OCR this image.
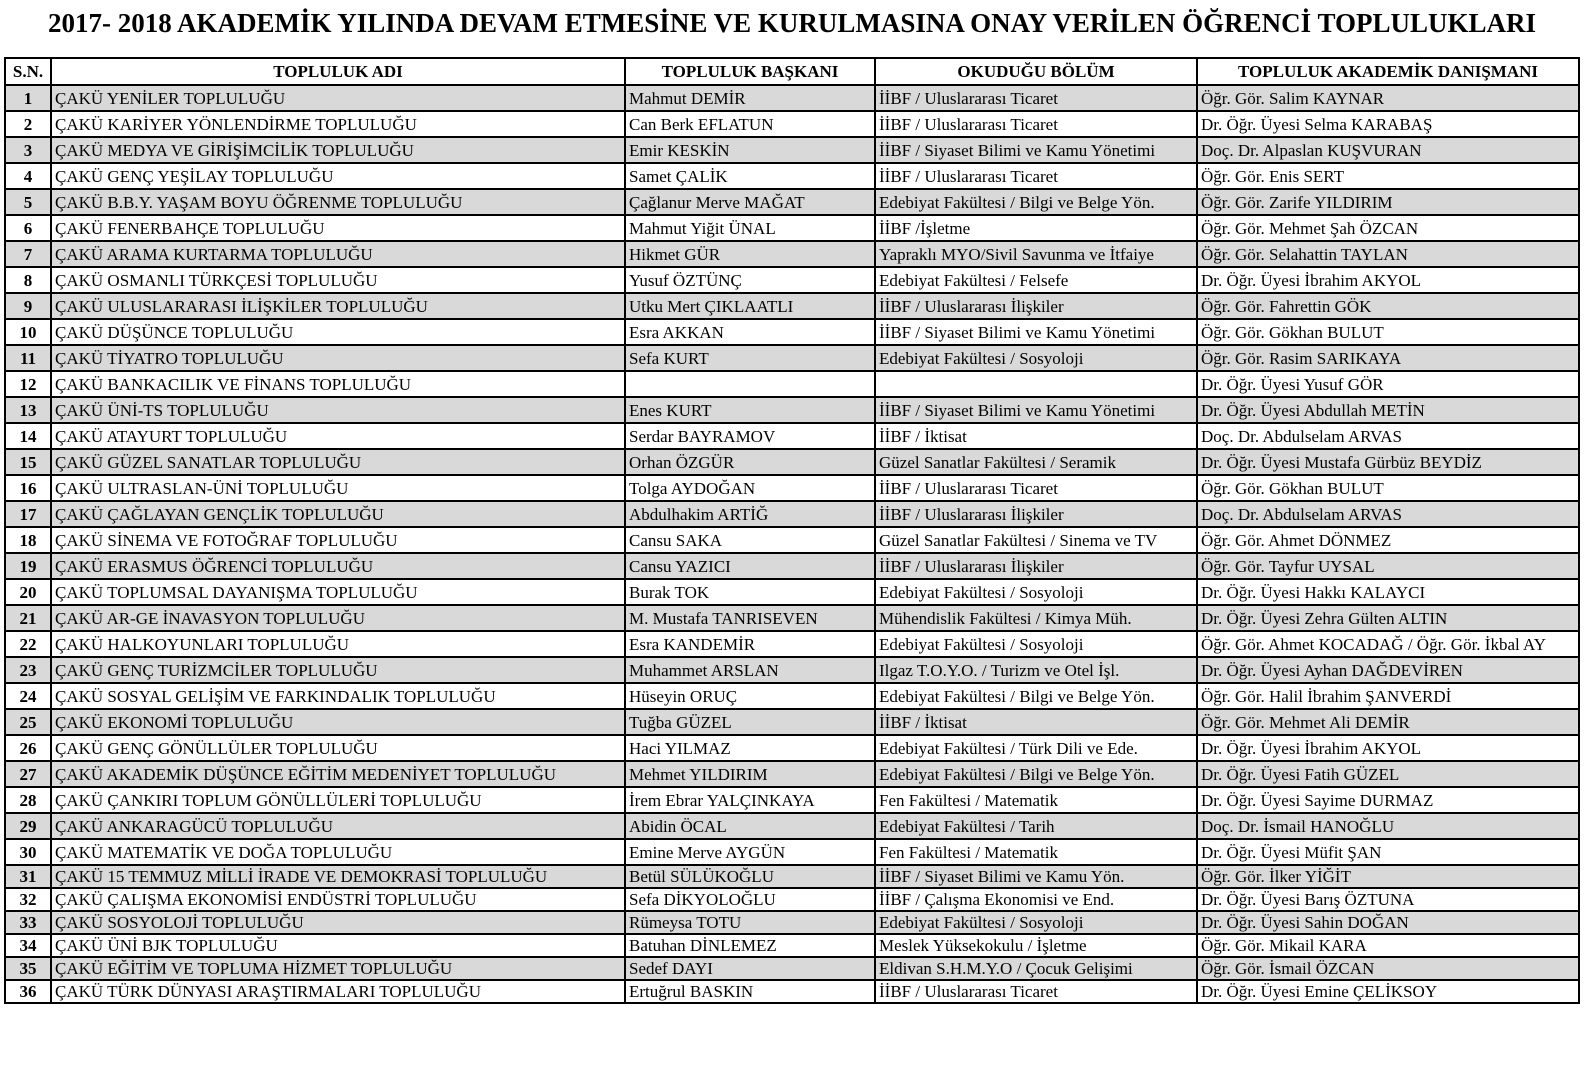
2017- 2018 AKADEMİK YILINDA DEVAM ETMESİNE VE KURULMASINA ONAY VERİLEN ÖĞRENCİ TOPLULUKLARI
S.N.	TOPLULUK ADI	TOPLULUK BAŞKANI	OKUDUĞU BÖLÜM	TOPLULUK AKADEMİK DANIŞMANI
1	ÇAKÜ YENİLER TOPLULUĞU	Mahmut DEMİR	İİBF / Uluslararası Ticaret	Öğr. Gör. Salim KAYNAR
2	ÇAKÜ KARİYER YÖNLENDİRME TOPLULUĞU	Can Berk EFLATUN	İİBF / Uluslararası Ticaret	Dr. Öğr. Üyesi Selma KARABAŞ
3	ÇAKÜ MEDYA VE GİRİŞİMCİLİK TOPLULUĞU	Emir KESKİN	İİBF / Siyaset Bilimi ve Kamu Yönetimi	Doç. Dr. Alpaslan KUŞVURAN
4	ÇAKÜ GENÇ YEŞİLAY TOPLULUĞU	Samet ÇALİK	İİBF / Uluslararası Ticaret	Öğr. Gör. Enis SERT
5	ÇAKÜ B.B.Y. YAŞAM BOYU ÖĞRENME TOPLULUĞU	Çağlanur Merve MAĞAT	Edebiyat Fakültesi / Bilgi ve Belge Yön.	Öğr. Gör. Zarife YILDIRIM
6	ÇAKÜ FENERBAHÇE TOPLULUĞU	Mahmut Yiğit ÜNAL	İİBF /İşletme	Öğr. Gör. Mehmet Şah ÖZCAN
7	ÇAKÜ ARAMA KURTARMA TOPLULUĞU	Hikmet GÜR	Yapraklı MYO/Sivil Savunma ve İtfaiye	Öğr. Gör. Selahattin TAYLAN
8	ÇAKÜ OSMANLI TÜRKÇESİ TOPLULUĞU	Yusuf ÖZTÜNÇ	Edebiyat Fakültesi / Felsefe	Dr. Öğr. Üyesi İbrahim AKYOL
9	ÇAKÜ ULUSLARARASI İLİŞKİLER TOPLULUĞU	Utku Mert ÇIKLAATLI	İİBF / Uluslararası İlişkiler	Öğr. Gör. Fahrettin GÖK
10	ÇAKÜ DÜŞÜNCE TOPLULUĞU	Esra AKKAN	İİBF / Siyaset Bilimi ve Kamu Yönetimi	Öğr. Gör. Gökhan BULUT
11	ÇAKÜ TİYATRO TOPLULUĞU	Sefa KURT	Edebiyat Fakültesi / Sosyoloji	Öğr. Gör. Rasim SARIKAYA
12	ÇAKÜ BANKACILIK VE FİNANS TOPLULUĞU			Dr. Öğr. Üyesi Yusuf GÖR
13	ÇAKÜ ÜNİ-TS TOPLULUĞU	Enes KURT	İİBF / Siyaset Bilimi ve Kamu Yönetimi	Dr. Öğr. Üyesi Abdullah METİN
14	ÇAKÜ ATAYURT TOPLULUĞU	Serdar BAYRAMOV	İİBF / İktisat	Doç. Dr. Abdulselam ARVAS
15	ÇAKÜ GÜZEL SANATLAR TOPLULUĞU	Orhan ÖZGÜR	Güzel Sanatlar Fakültesi / Seramik	Dr. Öğr. Üyesi Mustafa Gürbüz BEYDİZ
16	ÇAKÜ ULTRASLAN-ÜNİ TOPLULUĞU	Tolga AYDOĞAN	İİBF / Uluslararası Ticaret	Öğr. Gör. Gökhan BULUT
17	ÇAKÜ ÇAĞLAYAN GENÇLİK TOPLULUĞU	Abdulhakim ARTİĞ	İİBF / Uluslararası İlişkiler	Doç. Dr. Abdulselam ARVAS
18	ÇAKÜ SİNEMA VE FOTOĞRAF TOPLULUĞU	Cansu SAKA	Güzel Sanatlar Fakültesi / Sinema ve TV	Öğr. Gör. Ahmet DÖNMEZ
19	ÇAKÜ ERASMUS ÖĞRENCİ TOPLULUĞU	Cansu YAZICI	İİBF / Uluslararası İlişkiler	Öğr. Gör. Tayfur UYSAL
20	ÇAKÜ TOPLUMSAL DAYANIŞMA TOPLULUĞU	Burak TOK	Edebiyat Fakültesi / Sosyoloji	Dr. Öğr. Üyesi Hakkı KALAYCI
21	ÇAKÜ AR-GE İNAVASYON TOPLULUĞU	M. Mustafa TANRISEVEN	Mühendislik Fakültesi / Kimya Müh.	Dr. Öğr. Üyesi Zehra Gülten ALTIN
22	ÇAKÜ HALKOYUNLARI TOPLULUĞU	Esra KANDEMİR	Edebiyat Fakültesi / Sosyoloji	Öğr. Gör. Ahmet KOCADAĞ / Öğr. Gör. İkbal AY
23	ÇAKÜ GENÇ TURİZMCİLER TOPLULUĞU	Muhammet ARSLAN	Ilgaz T.O.Y.O. / Turizm ve Otel İşl.	Dr. Öğr. Üyesi Ayhan DAĞDEVİREN
24	ÇAKÜ SOSYAL GELİŞİM VE FARKINDALIK TOPLULUĞU	Hüseyin ORUÇ	Edebiyat Fakültesi / Bilgi ve Belge Yön.	Öğr. Gör. Halil İbrahim ŞANVERDİ
25	ÇAKÜ EKONOMİ TOPLULUĞU	Tuğba GÜZEL	İİBF / İktisat	Öğr. Gör. Mehmet Ali DEMİR
26	ÇAKÜ GENÇ GÖNÜLLÜLER TOPLULUĞU	Haci YILMAZ	Edebiyat Fakültesi / Türk Dili ve Ede.	Dr. Öğr. Üyesi İbrahim AKYOL
27	ÇAKÜ AKADEMİK DÜŞÜNCE EĞİTİM MEDENİYET TOPLULUĞU	Mehmet YILDIRIM	Edebiyat Fakültesi / Bilgi ve Belge Yön.	Dr. Öğr. Üyesi Fatih GÜZEL
28	ÇAKÜ ÇANKIRI TOPLUM GÖNÜLLÜLERİ TOPLULUĞU	İrem Ebrar YALÇINKAYA	Fen Fakültesi / Matematik	Dr. Öğr. Üyesi Sayime DURMAZ
29	ÇAKÜ ANKARAGÜCÜ TOPLULUĞU	Abidin ÖCAL	Edebiyat Fakültesi / Tarih	Doç. Dr. İsmail HANOĞLU
30	ÇAKÜ MATEMATİK VE DOĞA TOPLULUĞU	Emine Merve AYGÜN	Fen Fakültesi / Matematik	Dr. Öğr. Üyesi Müfit ŞAN
31	ÇAKÜ 15 TEMMUZ MİLLİ İRADE VE DEMOKRASİ TOPLULUĞU	Betül SÜLÜKOĞLU	İİBF / Siyaset Bilimi ve Kamu Yön.	Öğr. Gör. İlker YİĞİT
32	ÇAKÜ ÇALIŞMA EKONOMİSİ ENDÜSTRİ TOPLULUĞU	Sefa DİKYOLOĞLU	İİBF / Çalışma Ekonomisi ve End.	Dr. Öğr. Üyesi Barış ÖZTUNA
33	ÇAKÜ SOSYOLOJİ TOPLULUĞU	Rümeysa TOTU	Edebiyat Fakültesi / Sosyoloji	Dr. Öğr. Üyesi Sahin DOĞAN
34	ÇAKÜ ÜNİ BJK TOPLULUĞU	Batuhan DİNLEMEZ	Meslek Yüksekokulu / İşletme	Öğr. Gör. Mikail KARA
35	ÇAKÜ EĞİTİM VE TOPLUMA HİZMET TOPLULUĞU	Sedef DAYI	Eldivan S.H.M.Y.O / Çocuk Gelişimi	Öğr. Gör. İsmail ÖZCAN
36	ÇAKÜ TÜRK DÜNYASI ARAŞTIRMALARI TOPLULUĞU	Ertuğrul BASKIN	İİBF / Uluslararası Ticaret	Dr. Öğr. Üyesi Emine ÇELİKSOY
